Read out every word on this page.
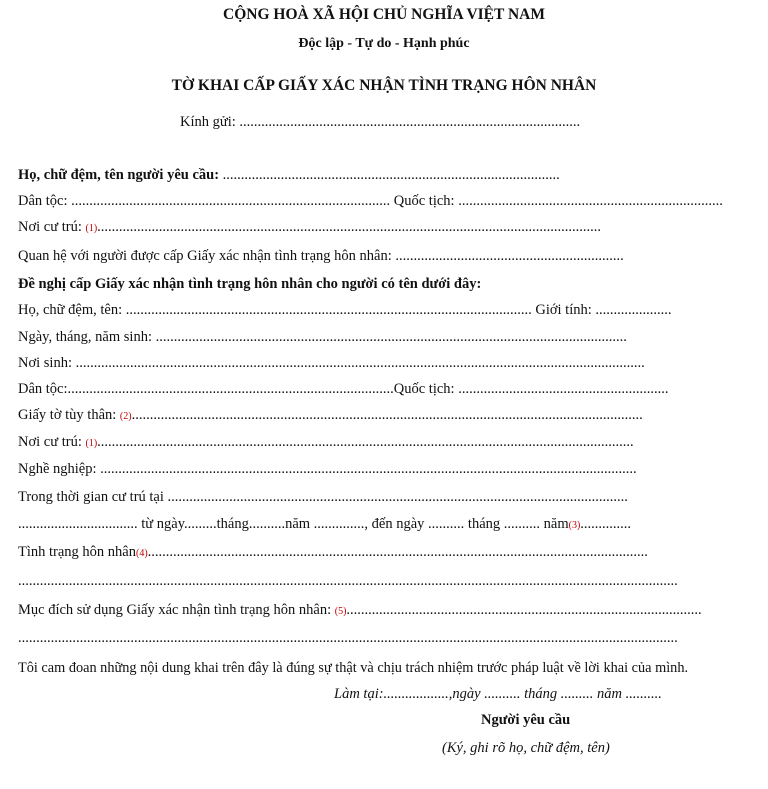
CỘNG HOÀ XÃ HỘI CHỦ NGHĨA VIỆT NAM
Độc lập - Tự do - Hạnh phúc
TỜ KHAI CẤP GIẤY XÁC NHẬN TÌNH TRẠNG HÔN NHÂN
Kính gửi: ..............................................................................................
Họ, chữ đệm, tên người yêu cầu: .............................................................................................
Dân tộc: ........................................................................................ Quốc tịch: .........................................................................
Nơi cư trú: (1)...........................................................................................................................................
Quan hệ với người được cấp Giấy xác nhận tình trạng hôn nhân: ...............................................................
Đề nghị cấp Giấy xác nhận tình trạng hôn nhân cho người có tên dưới đây:
Họ, chữ đệm, tên: ................................................................................................................ Giới tính: .....................
Ngày, tháng, năm sinh: ..................................................................................................................................
Nơi sinh: .............................................................................................................................................................
Dân tộc:..........................................................................................Quốc tịch: ..........................................................
Giấy tờ tùy thân: (2).............................................................................................................................................
Nơi cư trú: (1)....................................................................................................................................................
Nghề nghiệp: ....................................................................................................................................................
Trong thời gian cư trú tại ...............................................................................................................................
................................. từ ngày.........tháng..........năm .............., đến ngày .......... tháng .......... năm(3)..............
Tình trạng hôn nhân(4)..........................................................................................................................................
......................................................................................................................................................................................
Mục đích sử dụng Giấy xác nhận tình trạng hôn nhân: (5)..................................................................................................
......................................................................................................................................................................................
Tôi cam đoan những nội dung khai trên đây là đúng sự thật và chịu trách nhiệm trước pháp luật về lời khai của mình.
Làm tại:..................,ngày .......... tháng ......... năm ..........
Người yêu cầu
(Ký, ghi rõ họ, chữ đệm, tên)
